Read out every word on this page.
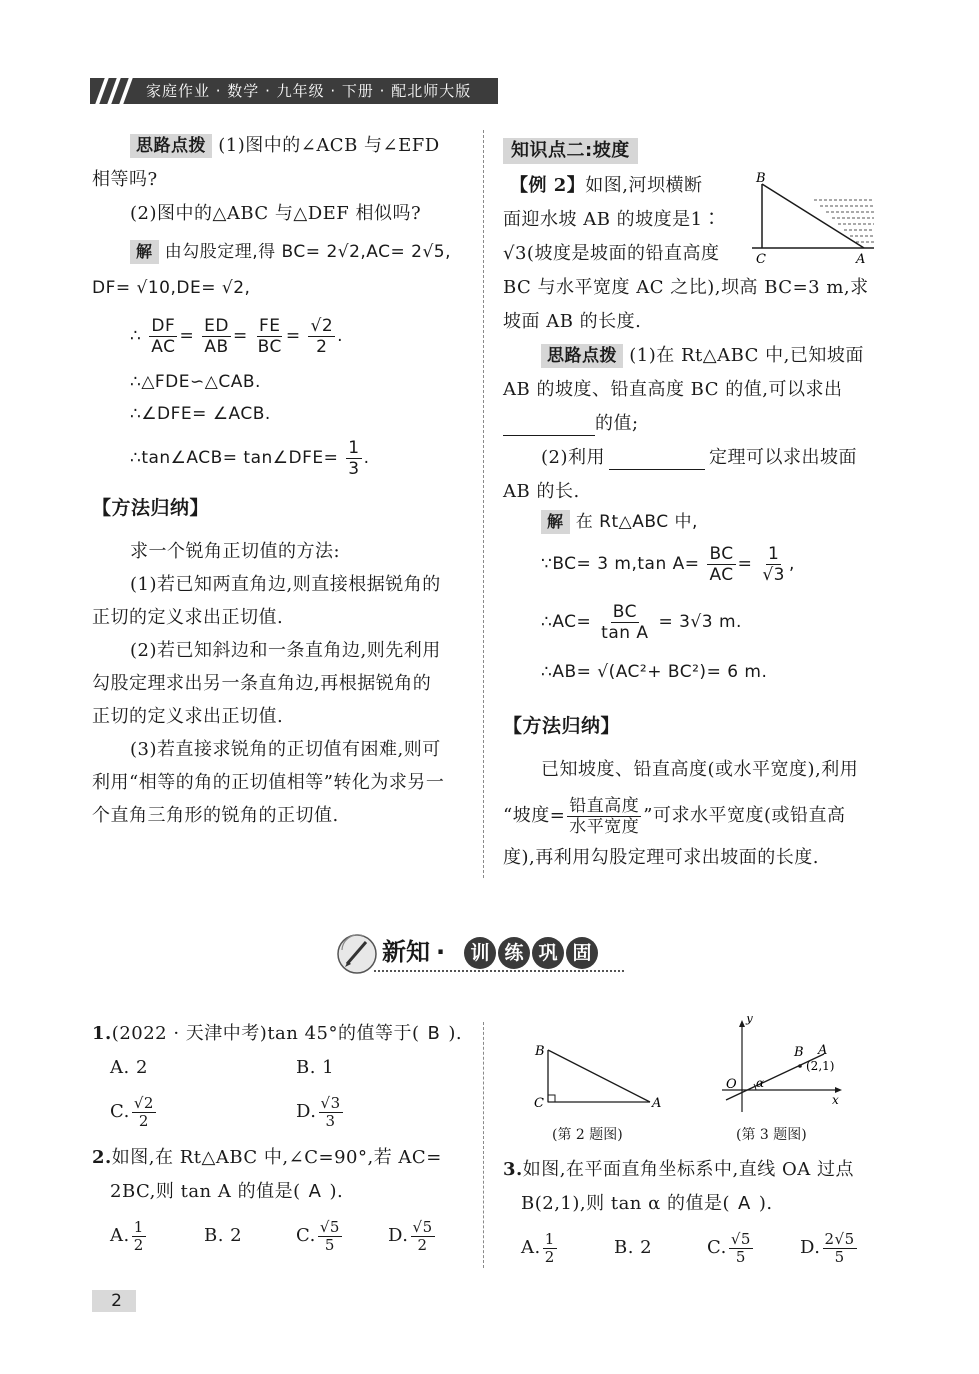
家庭作业 · 数学 · 九年级 · 下册 · 配北师大版
思路点拨 (1)图中的∠ACB 与∠EFD
相等吗?
(2)图中的△ABC 与△DEF 相似吗?
解 由勾股定理,得 BC= 2√2,AC= 2√5,
DF= √10,DE= √2,
∴ $\frac{DF}{AC} = \frac{ED}{AB} = \frac{FE}{BC} = \frac{√2}{2}$ .
∴△FDE∽△CAB.
∴∠DFE= ∠ACB.
∴tan∠ACB= tan∠DFE= $\frac{1}{3}$ .
【方法归纳】
求一个锐角正切值的方法:
(1)若已知两直角边,则直接根据锐角的
正切的定义求出正切值.
(2)若已知斜边和一条直角边,则先利用
勾股定理求出另一条直角边,再根据锐角的
正切的定义求出正切值.
(3)若直接求锐角的正切值有困难,则可
利用“相等的角的正切值相等”转化为求另一
个直角三角形的锐角的正切值.
知识点二:坡度
【例 2】如图,河坝横断
面迎水坡 AB 的坡度是1∶
√3(坡度是坡面的铅直高度
BC 与水平宽度 AC 之比),坝高 BC=3 m,求
坡面 AB 的长度.
B
C	A
思路点拨 (1)在 Rt△ABC 中,已知坡面
AB 的坡度、铅直高度 BC 的值,可以求出
的值;
(2)利用	定理可以求出坡面
AB 的长.
解 在 Rt△ABC 中,
∵BC= 3 m,tan $A= \frac{BC}{AC} = \frac{1}{√3}$ ,
∴AC= $\frac{BC}{\text{tan A}} = 3√3$ m.
∴AB= √(AC²+ BC²)= 6 m.
【方法归纳】
已知坡度、铅直高度(或水平宽度),利用
“坡度= $\frac{\text{铅直高度}}{\text{水平宽度}}$ ”可求水平宽度(或铅直高
度),再利用勾股定理可求出坡面的长度.
新知 ·	训 练 巩 固
1.(2022 · 天津中考)tan 45°的值等于( B ).
A. 2	B. 1
C. $\frac{√2}{2}$	D. $\frac{√3}{3}$
2.如图,在 Rt△ABC 中,∠C=90°,若 AC=
2BC,则 tan A 的值是( A ).
A. $\frac{1}{2}$	B. 2	C. $\frac{√5}{5}$	D. $\frac{√5}{2}$
B
C	A
(第 2 题图)
y
x
O
B A
(2,1)
α
(第 3 题图)
3.如图,在平面直角坐标系中,直线 OA 过点
B(2,1),则 tan α 的值是( A ).
A. $\frac{1}{2}$	B. 2	C. $\frac{√5}{5}$	D. $\frac{2√5}{5}$
2
